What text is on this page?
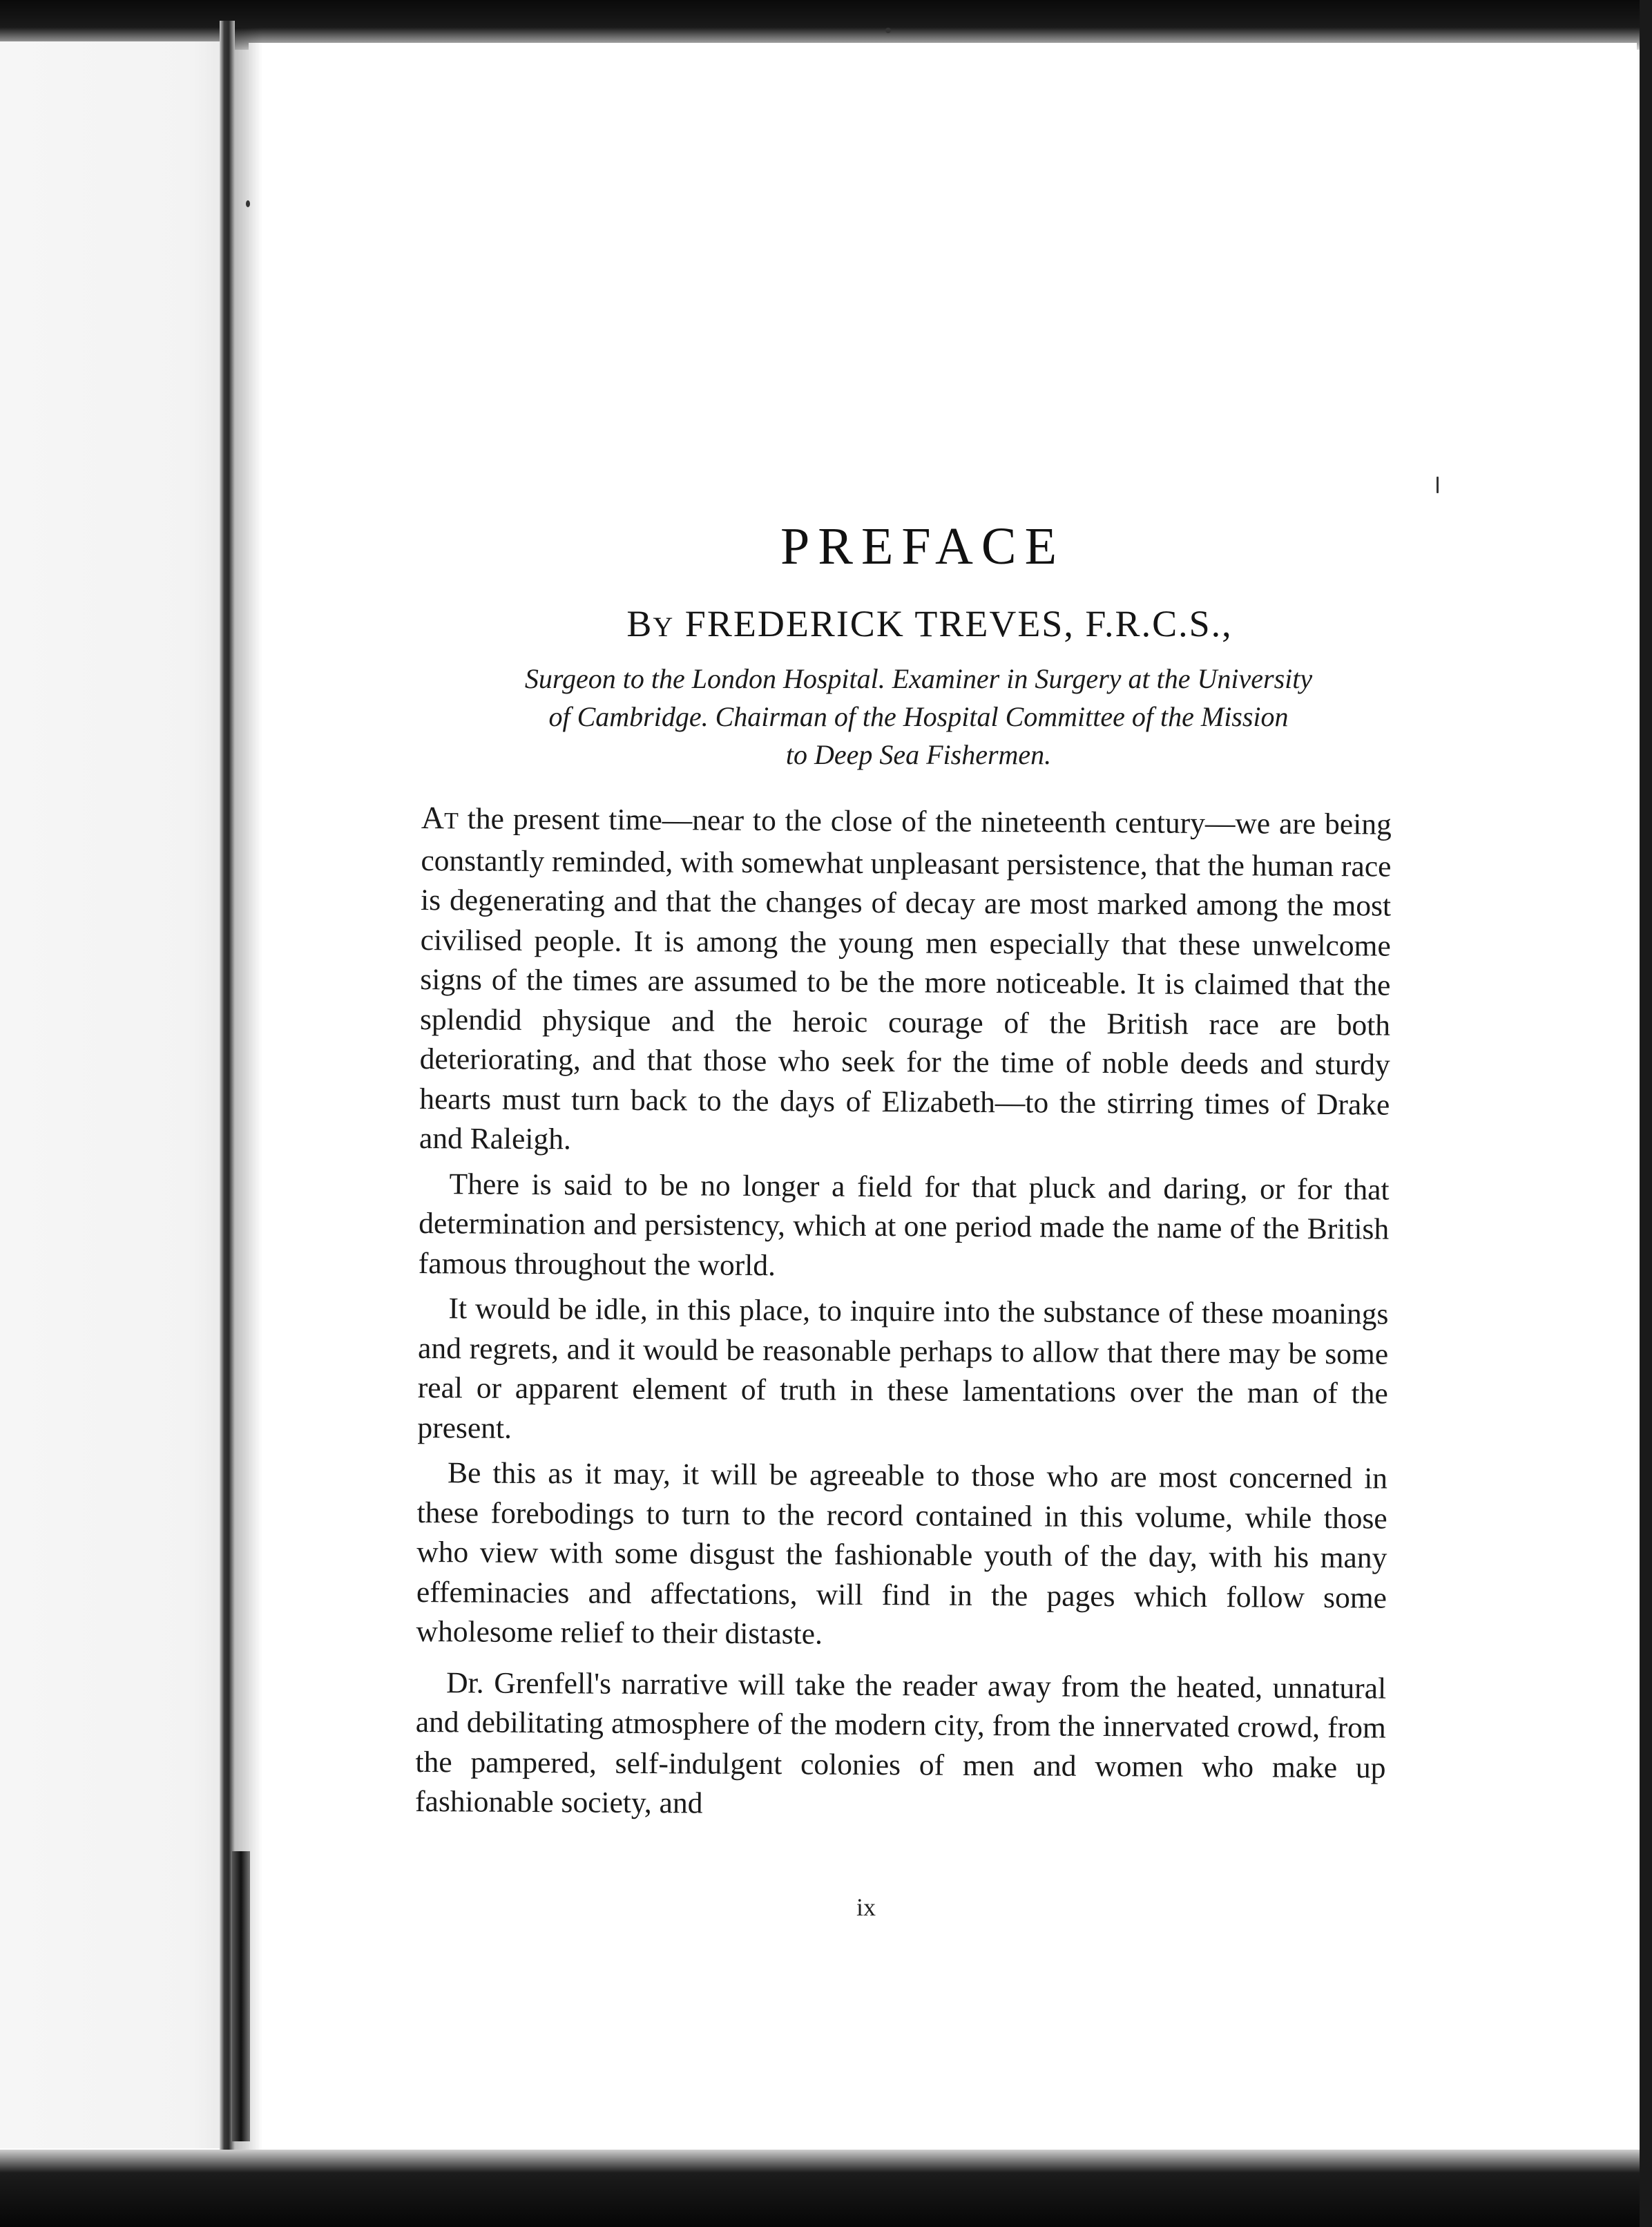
PREFACE
BY FREDERICK TREVES, F.R.C.S.,
Surgeon to the London Hospital. Examiner in Surgery at the University
of Cambridge. Chairman of the Hospital Committee of the Mission
to Deep Sea Fishermen.

AT the present time—near to the close of the nineteenth century—we are being constantly reminded, with somewhat unpleasant persistence, that the human race is degenerating and that the changes of decay are most marked among the most civilised people. It is among the young men especially that these unwelcome signs of the times are assumed to be the more noticeable. It is claimed that the splendid physique and the heroic courage of the British race are both deteriorating, and that those who seek for the time of noble deeds and sturdy hearts must turn back to the days of Elizabeth—to the stirring times of Drake and Raleigh.

There is said to be no longer a field for that pluck and daring, or for that determination and persistency, which at one period made the name of the British famous throughout the world.

It would be idle, in this place, to inquire into the substance of these moanings and regrets, and it would be reasonable perhaps to allow that there may be some real or apparent element of truth in these lamentations over the man of the present.

Be this as it may, it will be agreeable to those who are most concerned in these forebodings to turn to the record contained in this volume, while those who view with some disgust the fashionable youth of the day, with his many effeminacies and affectations, will find in the pages which follow some wholesome relief to their distaste.

Dr. Grenfell's narrative will take the reader away from the heated, unnatural and debilitating atmosphere of the modern city, from the innervated crowd, from the pampered, self-indulgent colonies of men and women who make up fashionable society, and

ix
